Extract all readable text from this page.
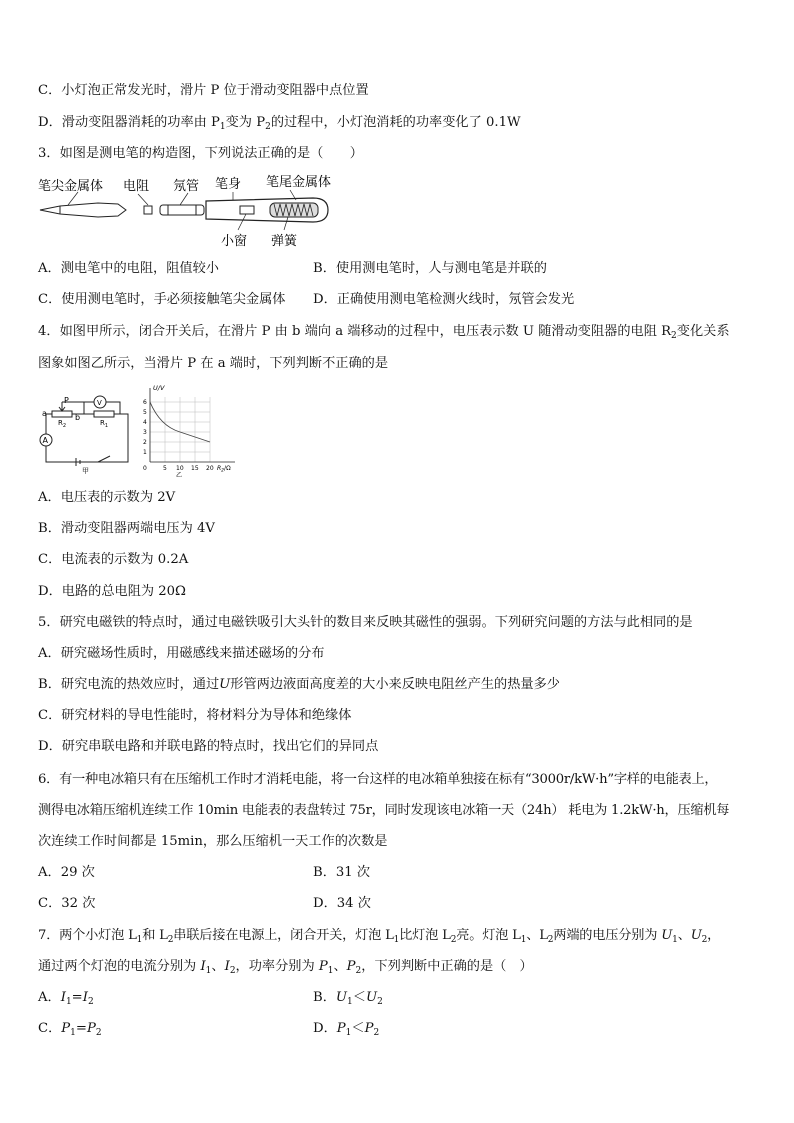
C．小灯泡正常发光时，滑片 P 位于滑动变阻器中点位置
D．滑动变阻器消耗的功率由 $P_1$变为 $P_2$的过程中，小灯泡消耗的功率变化了 0.1W
3．如图是测电笔的构造图，下列说法正确的是（　　）
笔尖金属体 电阻 氖管 笔身 笔尾金属体
小窗 弹簧
A．测电笔中的电阻，阻值较小	B．使用测电笔时，人与测电笔是并联的
C．使用测电笔时，手必须接触笔尖金属体 D．正确使用测电笔检测火线时，氖管会发光
4．如图甲所示，闭合开关后，在滑片 P 由 b 端向 a 端移动的过程中，电压表示数 U 随滑动变阻器的电阻 $R_2$变化关系
图象如图乙所示，当滑片 P 在 a 端时，下列判断不正确的是
a
P
b
$R_2$	$R_1$
A
V
甲
U/V
6
5
4
3
2
1
0	5 10 15 20 $R_2/\Omega$
乙
A．电压表的示数为 2V
B．滑动变阻器两端电压为 4V
C．电流表的示数为 0.2A
D．电路的总电阻为 20Ω
5．研究电磁铁的特点时，通过电磁铁吸引大头针的数目来反映其磁性的强弱。下列研究问题的方法与此相同的是
A．研究磁场性质时，用磁感线来描述磁场的分布
B．研究电流的热效应时，通过U形管两边液面高度差的大小来反映电阻丝产生的热量多少
C．研究材料的导电性能时，将材料分为导体和绝缘体
D．研究串联电路和并联电路的特点时，找出它们的异同点
6．有一种电冰箱只有在压缩机工作时才消耗电能，将一台这样的电冰箱单独接在标有“3000r/kW·h”字样的电能表上，
测得电冰箱压缩机连续工作 10min 电能表的表盘转过 75r，同时发现该电冰箱一天（24h） 耗电为 1.2kW·h，压缩机每
次连续工作时间都是 15min，那么压缩机一天工作的次数是
A．29 次	B．31 次
C．32 次	D．34 次
7．两个小灯泡 $L_1$和 $L_2$串联后接在电源上，闭合开关，灯泡 $L_1$比灯泡 $L_2$亮。灯泡 $L_1$、$L_2$两端的电压分别为 $U_1$、$U_2$，
通过两个灯泡的电流分别为 $I_1$、$I_2$，功率分别为 $P_1$、$P_2$，下列判断中正确的是（　）
A．$I_1=I_2$	B．$U_1<U_2$
C．$P_1=P_2$	D．$P_1<P_2$
